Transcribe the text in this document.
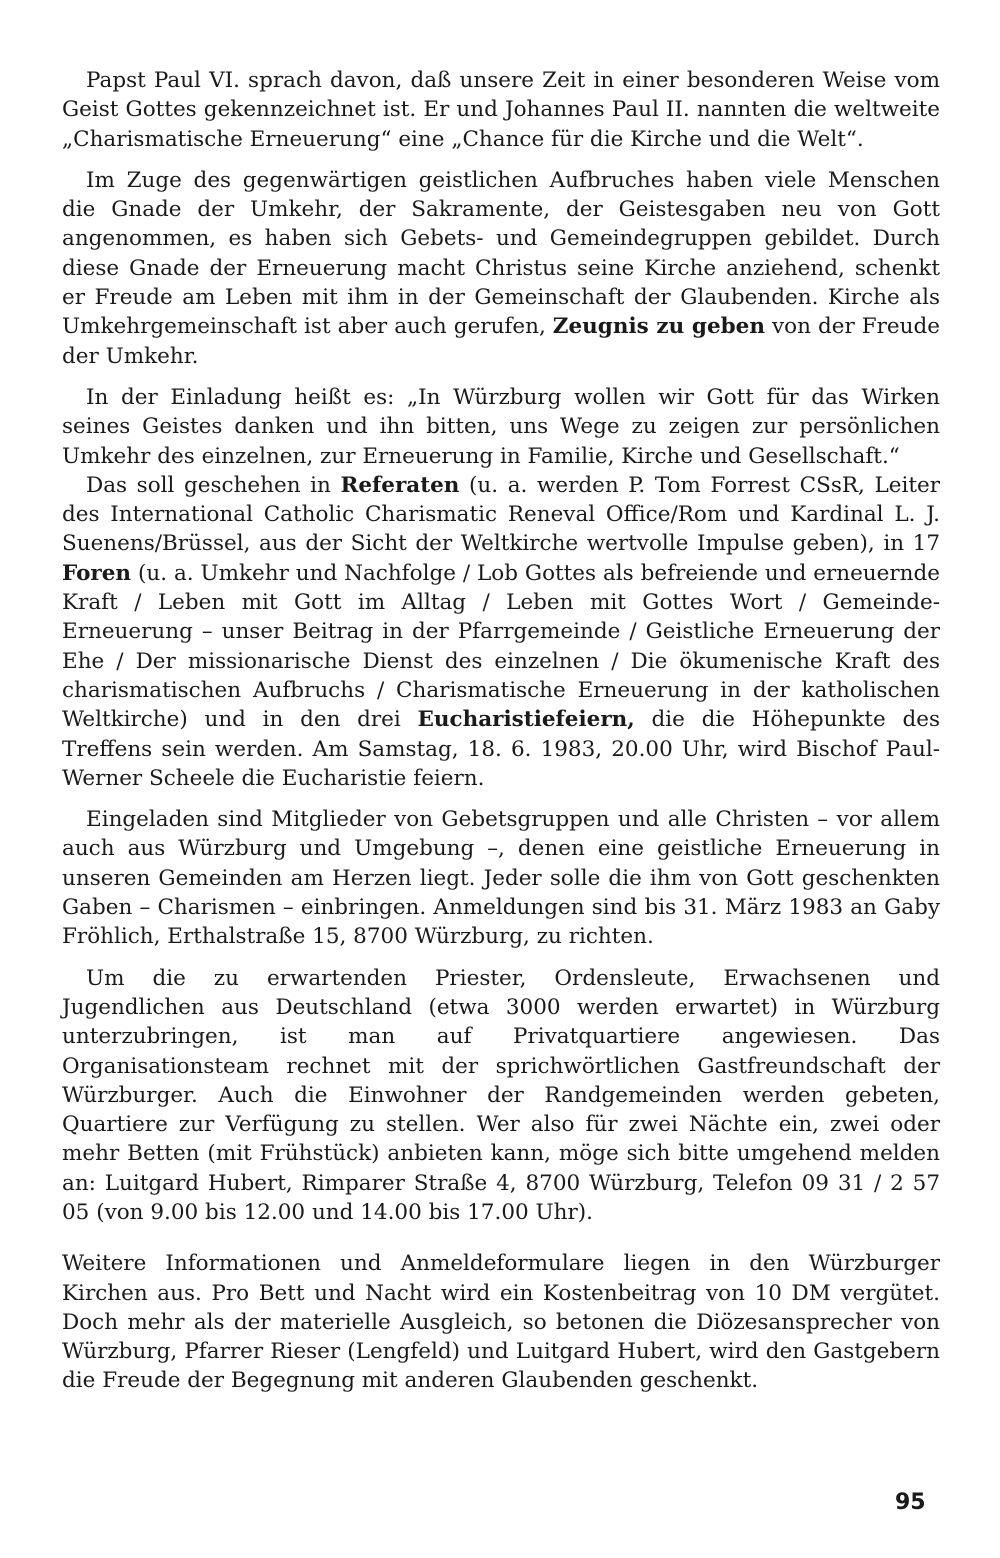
Papst Paul VI. sprach davon, daß unsere Zeit in einer besonderen Weise vom Geist Gottes gekennzeichnet ist. Er und Johannes Paul II. nannten die weltweite „Charismatische Erneuerung“ eine „Chance für die Kirche und die Welt“.

Im Zuge des gegenwärtigen geistlichen Aufbruches haben viele Menschen die Gnade der Umkehr, der Sakramente, der Geistesgaben neu von Gott angenommen, es haben sich Gebets- und Gemeindegruppen gebildet. Durch diese Gnade der Erneuerung macht Christus seine Kirche anziehend, schenkt er Freude am Leben mit ihm in der Gemeinschaft der Glaubenden. Kirche als Umkehrgemeinschaft ist aber auch gerufen, Zeugnis zu geben von der Freude der Umkehr.

In der Einladung heißt es: „In Würzburg wollen wir Gott für das Wirken seines Geistes danken und ihn bitten, uns Wege zu zeigen zur persönlichen Umkehr des einzelnen, zur Erneuerung in Familie, Kirche und Gesellschaft.“

Das soll geschehen in Referaten (u. a. werden P. Tom Forrest CSsR, Leiter des International Catholic Charismatic Reneval Office/Rom und Kardinal L. J. Suenens/Brüssel, aus der Sicht der Weltkirche wertvolle Impulse geben), in 17 Foren (u. a. Umkehr und Nachfolge / Lob Gottes als befreiende und erneuernde Kraft / Leben mit Gott im Alltag / Leben mit Gottes Wort / Gemeinde-Erneuerung – unser Beitrag in der Pfarrgemeinde / Geistliche Erneuerung der Ehe / Der missionarische Dienst des einzelnen / Die ökumenische Kraft des charismatischen Aufbruchs / Charismatische Erneuerung in der katholischen Weltkirche) und in den drei Eucharistiefeiern, die die Höhepunkte des Treffens sein werden. Am Samstag, 18. 6. 1983, 20.00 Uhr, wird Bischof Paul-Werner Scheele die Eucharistie feiern.

Eingeladen sind Mitglieder von Gebetsgruppen und alle Christen – vor allem auch aus Würzburg und Umgebung –, denen eine geistliche Erneuerung in unseren Gemeinden am Herzen liegt. Jeder solle die ihm von Gott geschenkten Gaben – Charismen – einbringen. Anmeldungen sind bis 31. März 1983 an Gaby Fröhlich, Erthalstraße 15, 8700 Würzburg, zu richten.

Um die zu erwartenden Priester, Ordensleute, Erwachsenen und Jugendlichen aus Deutschland (etwa 3000 werden erwartet) in Würzburg unterzubringen, ist man auf Privatquartiere angewiesen. Das Organisationsteam rechnet mit der sprichwörtlichen Gastfreundschaft der Würzburger. Auch die Einwohner der Randgemeinden werden gebeten, Quartiere zur Verfügung zu stellen. Wer also für zwei Nächte ein, zwei oder mehr Betten (mit Frühstück) anbieten kann, möge sich bitte umgehend melden an: Luitgard Hubert, Rimparer Straße 4, 8700 Würzburg, Telefon 09 31 / 2 57 05 (von 9.00 bis 12.00 und 14.00 bis 17.00 Uhr).

Weitere Informationen und Anmeldeformulare liegen in den Würzburger Kirchen aus. Pro Bett und Nacht wird ein Kostenbeitrag von 10 DM vergütet. Doch mehr als der materielle Ausgleich, so betonen die Diözesansprecher von Würzburg, Pfarrer Rieser (Lengfeld) und Luitgard Hubert, wird den Gastgebern die Freude der Begegnung mit anderen Glaubenden geschenkt.

95
